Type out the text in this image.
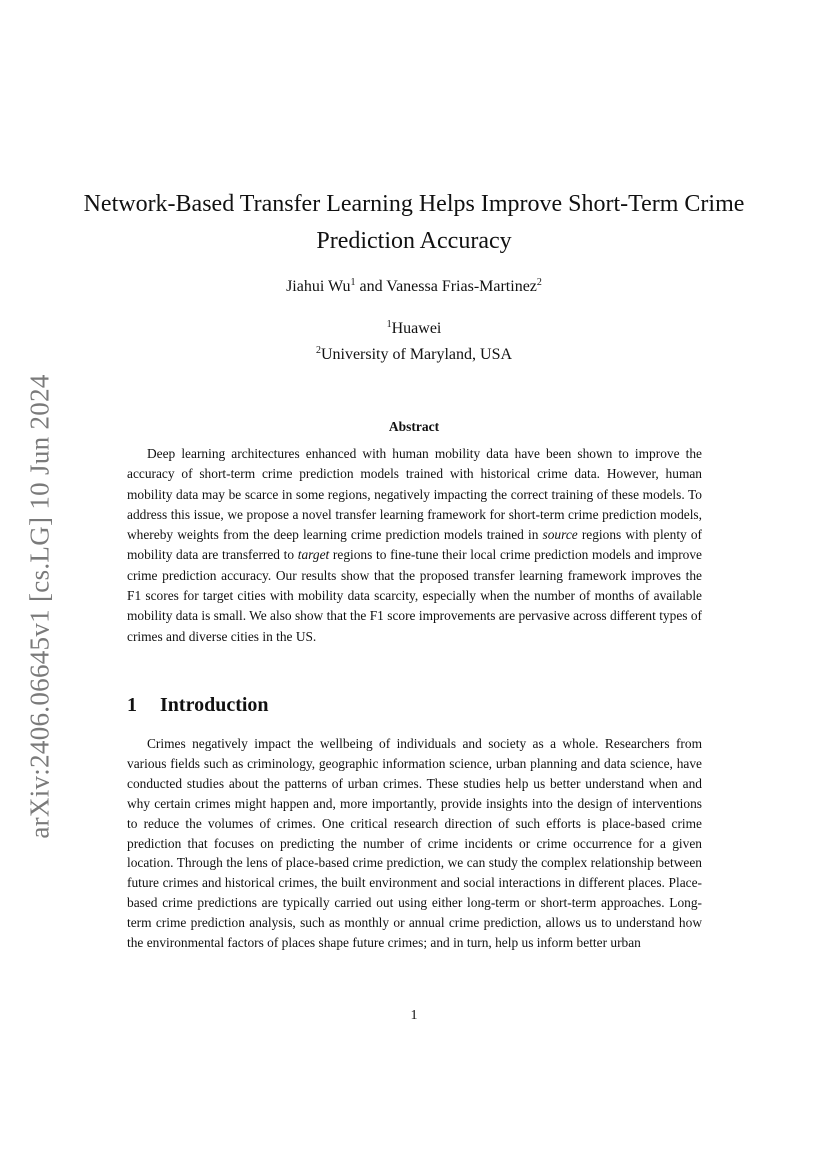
arXiv:2406.06645v1 [cs.LG] 10 Jun 2024
Network-Based Transfer Learning Helps Improve Short-Term Crime Prediction Accuracy
Jiahui Wu$^1$ and Vanessa Frias-Martinez$^2$
$^1$Huawei
$^2$University of Maryland, USA
Abstract

Deep learning architectures enhanced with human mobility data have been shown to improve the accuracy of short-term crime prediction models trained with historical crime data. However, human mobility data may be scarce in some regions, negatively impacting the correct training of these models. To address this issue, we propose a novel transfer learning framework for short-term crime prediction models, whereby weights from the deep learning crime prediction models trained in source regions with plenty of mobility data are transferred to target regions to fine-tune their local crime prediction models and improve crime prediction accuracy. Our results show that the proposed transfer learning framework improves the F1 scores for target cities with mobility data scarcity, especially when the number of months of available mobility data is small. We also show that the F1 score improvements are pervasive across different types of crimes and diverse cities in the US.

1 Introduction

Crimes negatively impact the wellbeing of individuals and society as a whole. Researchers from various fields such as criminology, geographic information science, urban planning and data science, have conducted studies about the patterns of urban crimes. These studies help us better understand when and why certain crimes might happen and, more importantly, provide insights into the design of interventions to reduce the volumes of crimes. One critical research direction of such efforts is place-based crime prediction that focuses on predicting the number of crime incidents or crime occurrence for a given location. Through the lens of place-based crime prediction, we can study the complex relationship between future crimes and historical crimes, the built environment and social interactions in different places. Place-based crime predictions are typically carried out using either long-term or short-term approaches. Long-term crime prediction analysis, such as monthly or annual crime prediction, allows us to understand how the environmental factors of places shape future crimes; and in turn, help us inform better urban

1
